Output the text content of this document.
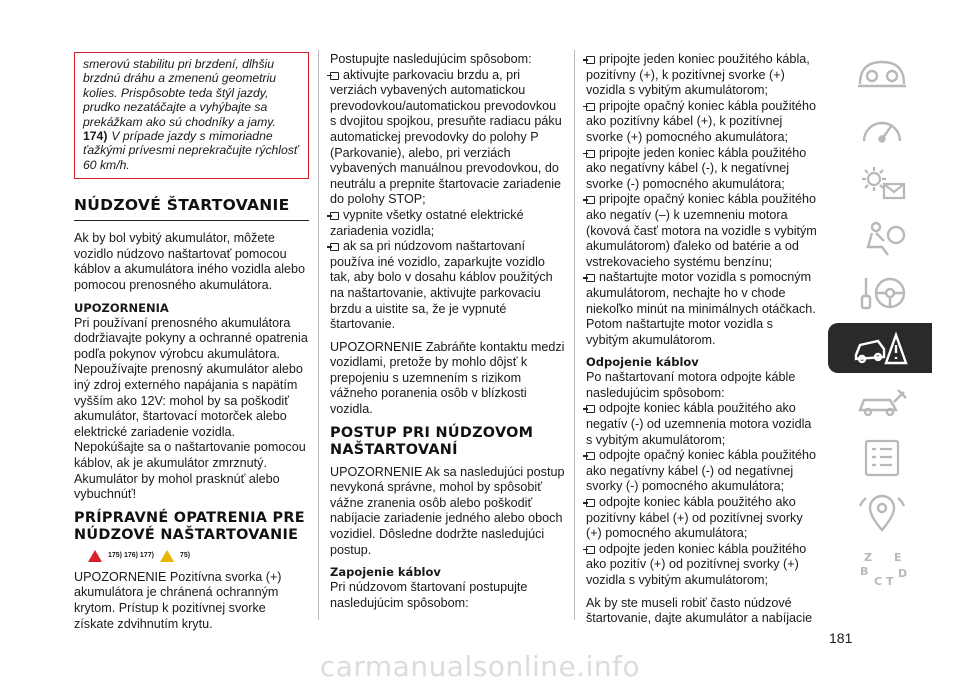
smerovú stabilitu pri brzdení, dlhšiu brzdnú dráhu a zmenenú geometriu kolies. Prispôsobte teda štýl jazdy, prudko nezatáčajte a vyhýbajte sa prekážkam ako sú chodníky a jamy.

174) V prípade jazdy s mimoriadne ťažkými prívesmi neprekračujte rýchlosť 60 km/h.

NÚDZOVÉ ŠTARTOVANIE

Ak by bol vybitý akumulátor, môžete vozidlo núdzovo naštartovať pomocou káblov a akumulátora iného vozidla alebo pomocou prenosného akumulátora.

UPOZORNENIA

Pri používaní prenosného akumulátora dodržiavajte pokyny a ochranné opatrenia podľa pokynov výrobcu akumulátora.

Nepoužívajte prenosný akumulátor alebo iný zdroj externého napájania s napätím vyšším ako 12V: mohol by sa poškodiť akumulátor, štartovací motorček alebo elektrické zariadenie vozidla.

Nepokúšajte sa o naštartovanie pomocou káblov, ak je akumulátor zmrznutý. Akumulátor by mohol prasknúť alebo vybuchnúť!

PRÍPRAVNÉ OPATRENIA PRE NÚDZOVÉ NAŠTARTOVANIE
175) 176) 177)	75)

UPOZORNENIE Pozitívna svorka (+) akumulátora je chránená ochranným krytom. Prístup k pozitívnej svorke získate zdvihnutím krytu.

Postupujte nasledujúcim spôsobom:

aktivujte parkovaciu brzdu a, pri verziách vybavených automatickou prevodovkou/automatickou prevodovkou s dvojitou spojkou, presuňte radiacu páku automatickej prevodovky do polohy P (Parkovanie), alebo, pri verziách vybavených manuálnou prevodovkou, do neutrálu a prepnite štartovacie zariadenie do polohy STOP;

vypnite všetky ostatné elektrické zariadenia vozidla;

ak sa pri núdzovom naštartovaní používa iné vozidlo, zaparkujte vozidlo tak, aby bolo v dosahu káblov použitých na naštartovanie, aktivujte parkovaciu brzdu a uistite sa, že je vypnuté štartovanie.

UPOZORNENIE Zabráňte kontaktu medzi vozidlami, pretože by mohlo dôjsť k prepojeniu s uzemnením s rizikom vážneho poranenia osôb v blízkosti vozidla.

POSTUP PRI NÚDZOVOM NAŠTARTOVANÍ

UPOZORNENIE Ak sa nasledujúci postup nevykoná správne, mohol by spôsobiť vážne zranenia osôb alebo poškodiť nabíjacie zariadenie jedného alebo oboch vozidiel. Dôsledne dodržte nasledujúci postup.

Zapojenie káblov

Pri núdzovom štartovaní postupujte nasledujúcim spôsobom:

pripojte jeden koniec použitého kábla, pozitívny (+), k pozitívnej svorke (+) vozidla s vybitým akumulátorom;

pripojte opačný koniec kábla použitého ako pozitívny kábel (+), k pozitívnej svorke (+) pomocného akumulátora;

pripojte jeden koniec kábla použitého ako negatívny kábel (-), k negatívnej svorke (-) pomocného akumulátora;

pripojte opačný koniec kábla použitého ako negatív (–) k uzemneniu motora (kovová časť motora na vozidle s vybitým akumulátorom) ďaleko od batérie a od vstrekovacieho systému benzínu;

naštartujte motor vozidla s pomocným akumulátorom, nechajte ho v chode niekoľko minút na minimálnych otáčkach. Potom naštartujte motor vozidla s vybitým akumulátorom.

Odpojenie káblov

Po naštartovaní motora odpojte káble nasledujúcim spôsobom:

odpojte koniec kábla použitého ako negatív (-) od uzemnenia motora vozidla s vybitým akumulátorom;

odpojte opačný koniec kábla použitého ako negatívny kábel (-) od negatívnej svorky (-) pomocného akumulátora;

odpojte koniec kábla použitého ako pozitívny kábel (+) od pozitívnej svorky (+) pomocného akumulátora;

odpojte jeden koniec kábla použitého ako pozitív (+) od pozitívnej svorky (+) vozidla s vybitým akumulátorom;

Ak by ste museli robiť často núdzové štartovanie, dajte akumulátor a nabíjacie

Z E
B
C T
D
181
carmanualsonline.info
